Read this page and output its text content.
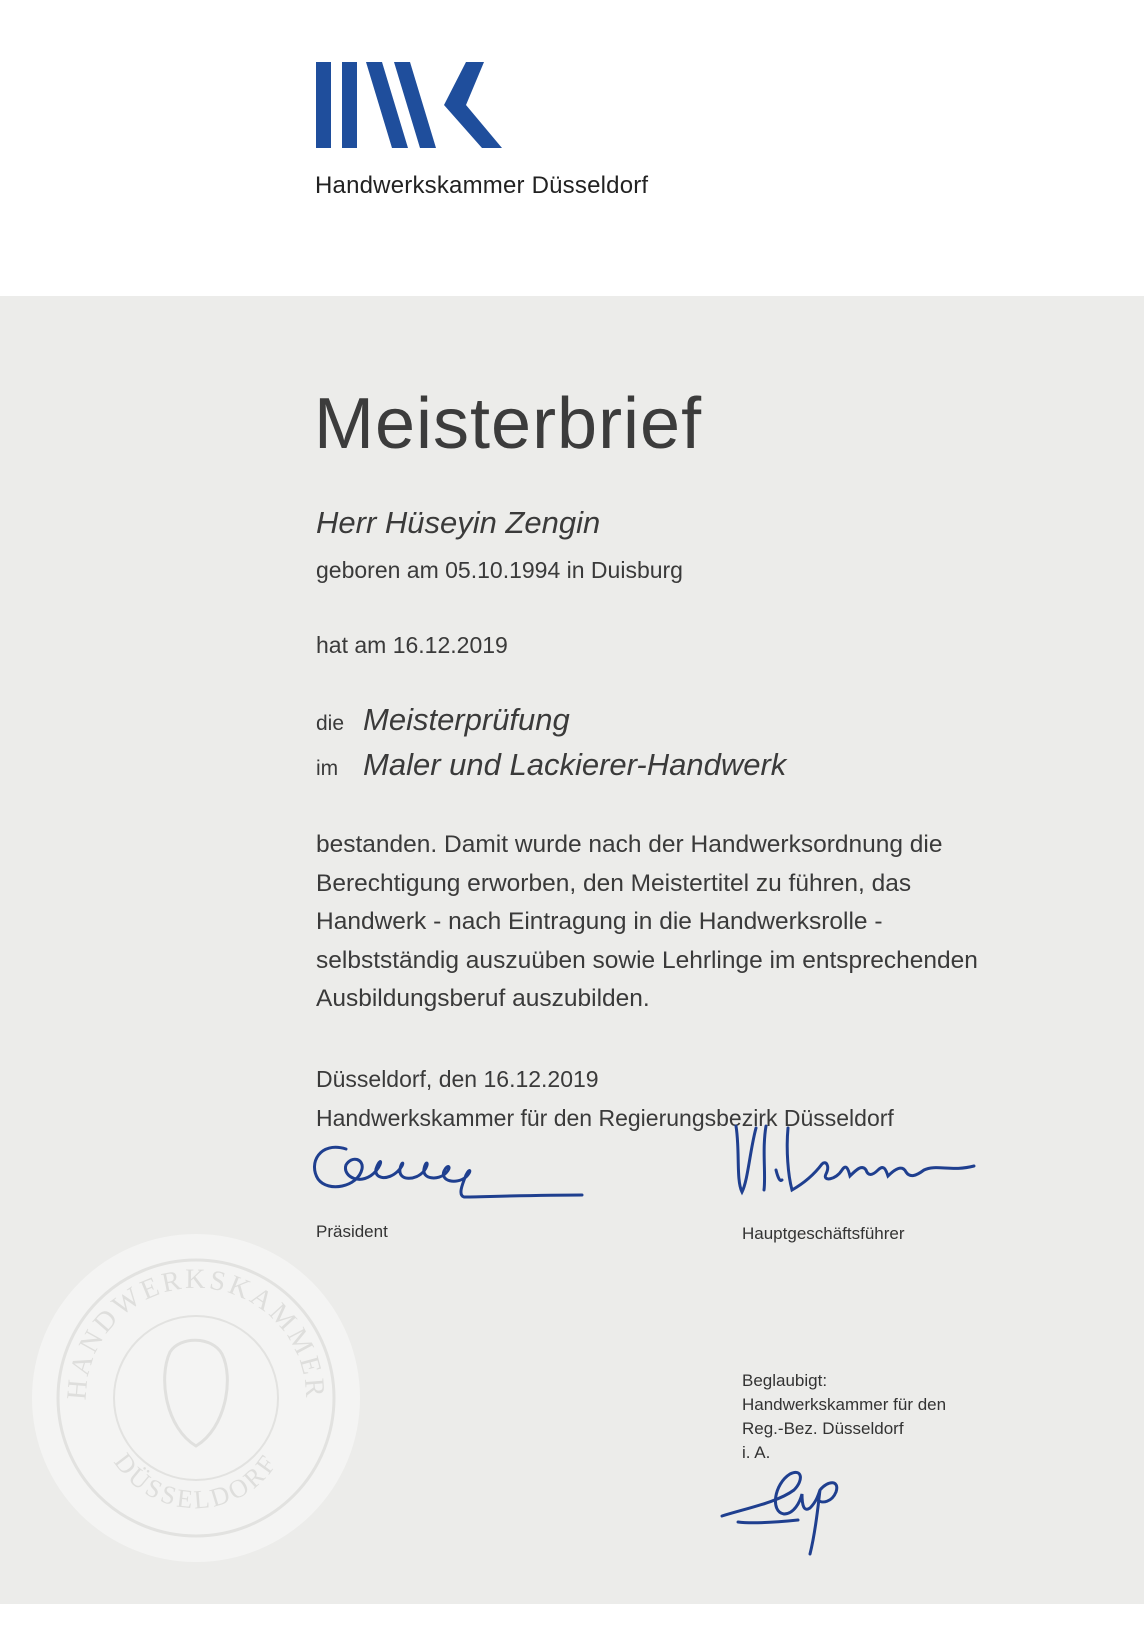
Handwerkskammer Düsseldorf
Meisterbrief
Herr Hüseyin Zengin
geboren am 05.10.1994 in Duisburg
hat am 16.12.2019
die Meisterprüfung
im Maler und Lackierer-Handwerk
bestanden. Damit wurde nach der Handwerksordnung die
Berechtigung erworben, den Meistertitel zu führen, das
Handwerk - nach Eintragung in die Handwerksrolle -
selbstständig auszuüben sowie Lehrlinge im entsprechenden
Ausbildungsberuf auszubilden.
Düsseldorf, den 16.12.2019
Handwerkskammer für den Regierungsbezirk Düsseldorf
Präsident	Hauptgeschäftsführer
Beglaubigt:
Handwerkskammer für den
Reg.-Bez. Düsseldorf
i. A.
HANDWERKSKAMMER
DÜSSELDORF
